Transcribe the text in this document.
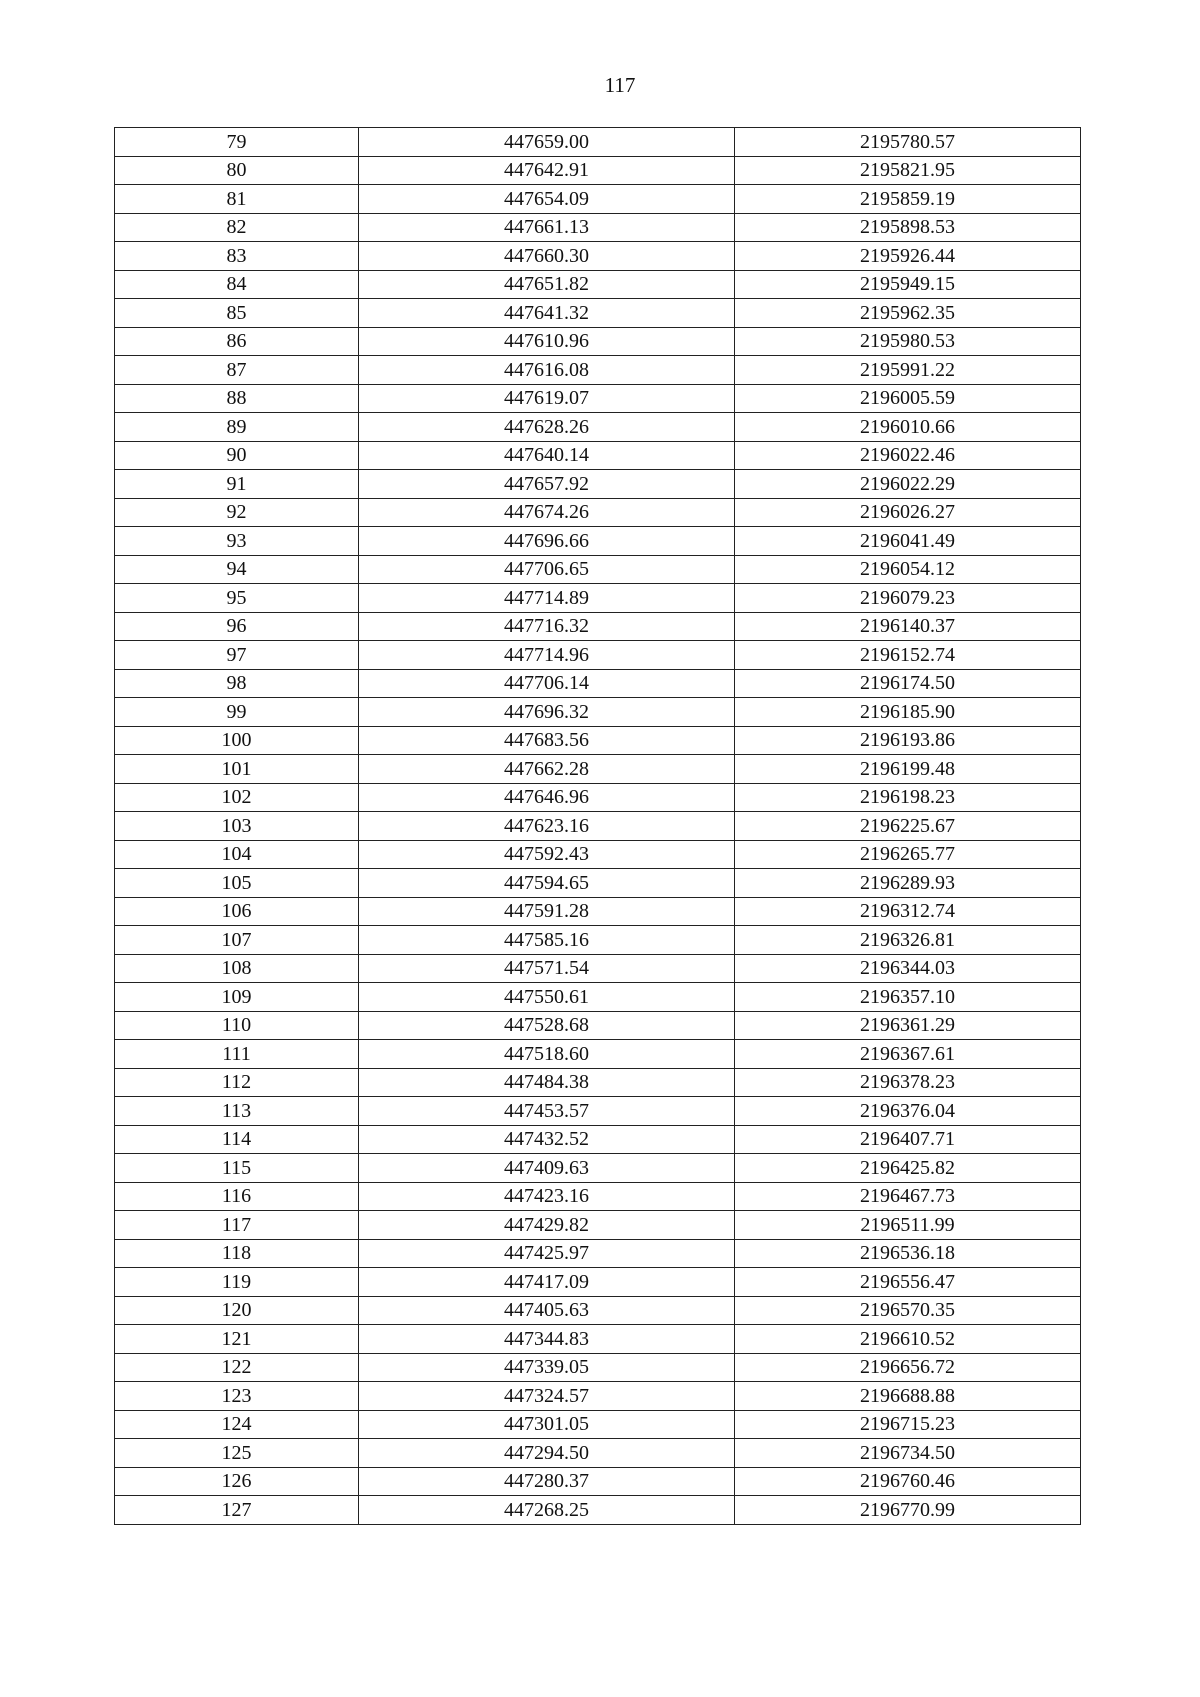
117
79	447659.00	2195780.57
80	447642.91	2195821.95
81	447654.09	2195859.19
82	447661.13	2195898.53
83	447660.30	2195926.44
84	447651.82	2195949.15
85	447641.32	2195962.35
86	447610.96	2195980.53
87	447616.08	2195991.22
88	447619.07	2196005.59
89	447628.26	2196010.66
90	447640.14	2196022.46
91	447657.92	2196022.29
92	447674.26	2196026.27
93	447696.66	2196041.49
94	447706.65	2196054.12
95	447714.89	2196079.23
96	447716.32	2196140.37
97	447714.96	2196152.74
98	447706.14	2196174.50
99	447696.32	2196185.90
100	447683.56	2196193.86
101	447662.28	2196199.48
102	447646.96	2196198.23
103	447623.16	2196225.67
104	447592.43	2196265.77
105	447594.65	2196289.93
106	447591.28	2196312.74
107	447585.16	2196326.81
108	447571.54	2196344.03
109	447550.61	2196357.10
110	447528.68	2196361.29
111	447518.60	2196367.61
112	447484.38	2196378.23
113	447453.57	2196376.04
114	447432.52	2196407.71
115	447409.63	2196425.82
116	447423.16	2196467.73
117	447429.82	2196511.99
118	447425.97	2196536.18
119	447417.09	2196556.47
120	447405.63	2196570.35
121	447344.83	2196610.52
122	447339.05	2196656.72
123	447324.57	2196688.88
124	447301.05	2196715.23
125	447294.50	2196734.50
126	447280.37	2196760.46
127	447268.25	2196770.99
